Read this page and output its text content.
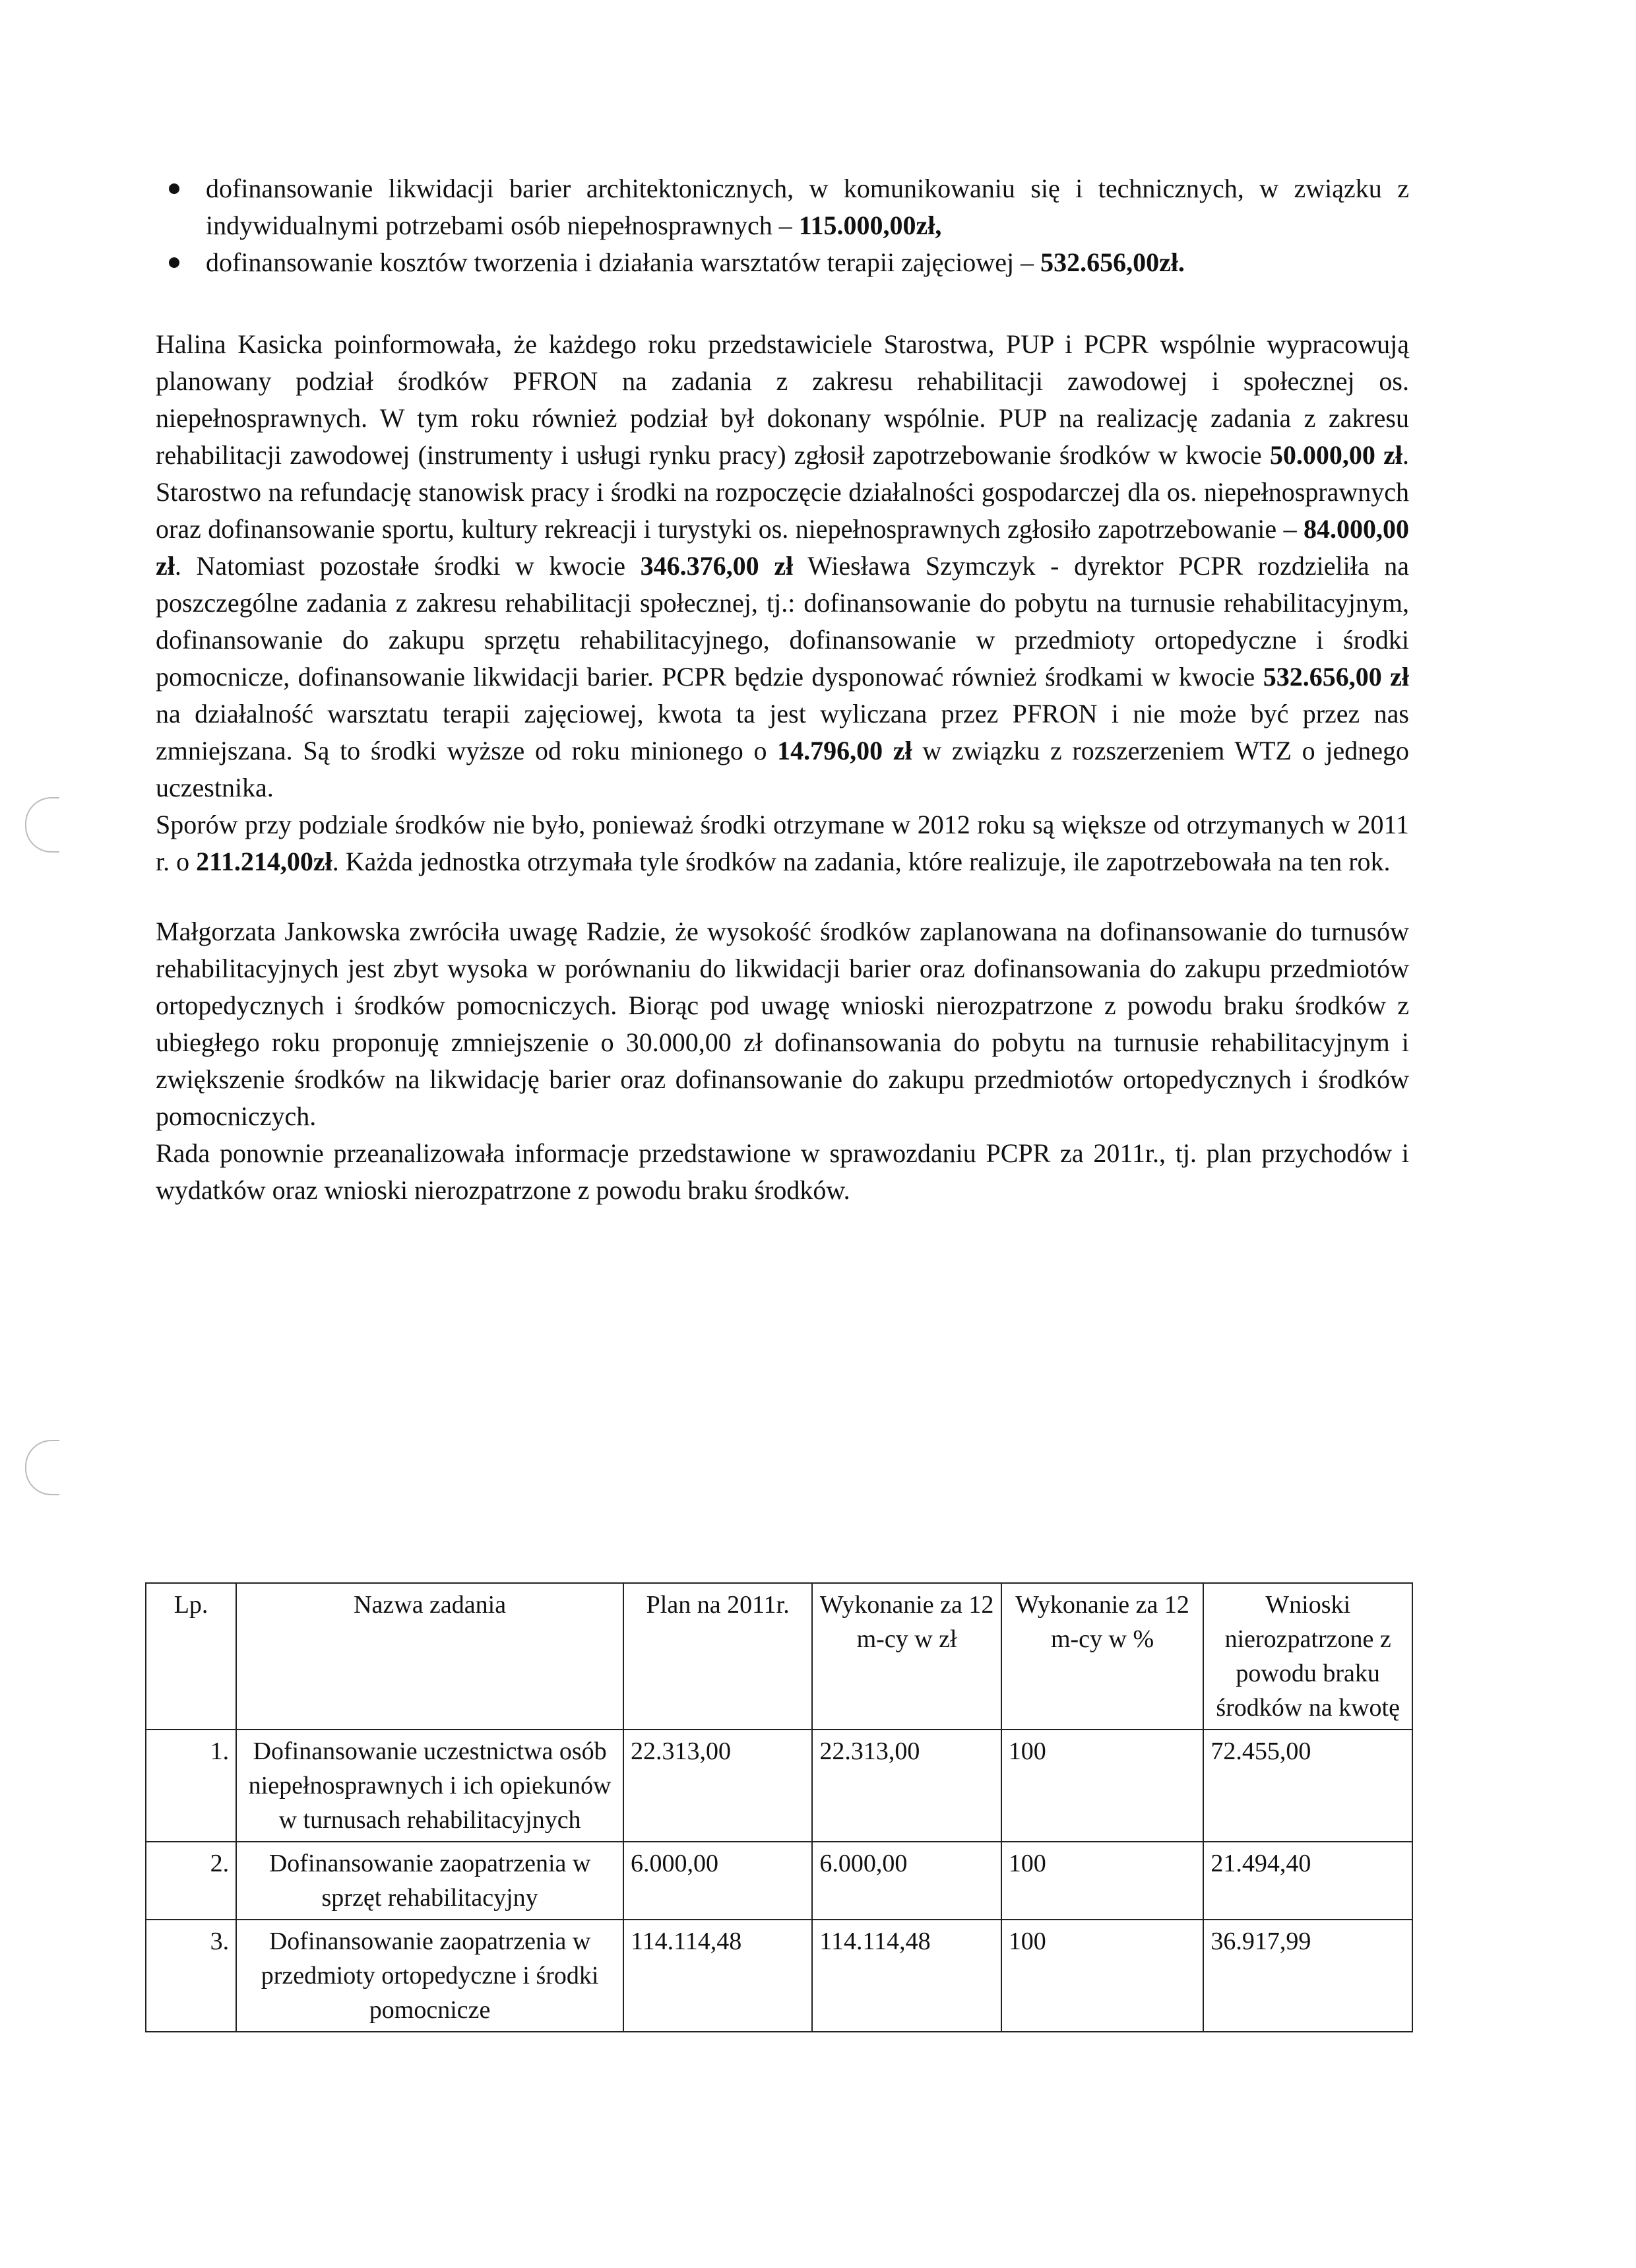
dofinansowanie likwidacji barier architektonicznych, w komunikowaniu się i technicznych, w związku z indywidualnymi potrzebami osób niepełnosprawnych – 115.000,00zł,
dofinansowanie kosztów tworzenia i działania warsztatów terapii zajęciowej – 532.656,00zł.

Halina Kasicka poinformowała, że każdego roku przedstawiciele Starostwa, PUP i PCPR wspólnie wypracowują planowany podział środków PFRON na zadania z zakresu rehabilitacji zawodowej i społecznej os. niepełnosprawnych. W tym roku również podział był dokonany wspólnie. PUP na realizację zadania z zakresu rehabilitacji zawodowej (instrumenty i usługi rynku pracy) zgłosił zapotrzebowanie środków w kwocie 50.000,00 zł. Starostwo na refundację stanowisk pracy i środki na rozpoczęcie działalności gospodarczej dla os. niepełnosprawnych oraz dofinansowanie sportu, kultury rekreacji i turystyki os. niepełnosprawnych zgłosiło zapotrzebowanie – 84.000,00 zł. Natomiast pozostałe środki w kwocie 346.376,00 zł Wiesława Szymczyk - dyrektor PCPR rozdzieliła na poszczególne zadania z zakresu rehabilitacji społecznej, tj.: dofinansowanie do pobytu na turnusie rehabilitacyjnym, dofinansowanie do zakupu sprzętu rehabilitacyjnego, dofinansowanie w przedmioty ortopedyczne i środki pomocnicze, dofinansowanie likwidacji barier. PCPR będzie dysponować również środkami w kwocie 532.656,00 zł na działalność warsztatu terapii zajęciowej, kwota ta jest wyliczana przez PFRON i nie może być przez nas zmniejszana. Są to środki wyższe od roku minionego o 14.796,00 zł w związku z rozszerzeniem WTZ o jednego uczestnika.

Sporów przy podziale środków nie było, ponieważ środki otrzymane w 2012 roku są większe od otrzymanych w 2011 r. o 211.214,00zł. Każda jednostka otrzymała tyle środków na zadania, które realizuje, ile zapotrzebowała na ten rok.

Małgorzata Jankowska zwróciła uwagę Radzie, że wysokość środków zaplanowana na dofinansowanie do turnusów rehabilitacyjnych jest zbyt wysoka w porównaniu do likwidacji barier oraz dofinansowania do zakupu przedmiotów ortopedycznych i środków pomocniczych. Biorąc pod uwagę wnioski nierozpatrzone z powodu braku środków z ubiegłego roku proponuję zmniejszenie o 30.000,00 zł dofinansowania do pobytu na turnusie rehabilitacyjnym i zwiększenie środków na likwidację barier oraz dofinansowanie do zakupu przedmiotów ortopedycznych i środków pomocniczych.

Rada ponownie przeanalizowała informacje przedstawione w sprawozdaniu PCPR za 2011r., tj. plan przychodów i wydatków oraz wnioski nierozpatrzone z powodu braku środków.

Lp.	Nazwa zadania	Plan na 2011r.	Wykonanie za 12 m-cy w zł	Wykonanie za 12 m-cy w %	Wnioski nierozpatrzone z powodu braku środków na kwotę
1.	Dofinansowanie uczestnictwa osób niepełnosprawnych i ich opiekunów w turnusach rehabilitacyjnych	22.313,00	22.313,00	100	72.455,00
2.	Dofinansowanie zaopatrzenia w sprzęt rehabilitacyjny	6.000,00	6.000,00	100	21.494,40
3.	Dofinansowanie zaopatrzenia w przedmioty ortopedyczne i środki pomocnicze	114.114,48	114.114,48	100	36.917,99
